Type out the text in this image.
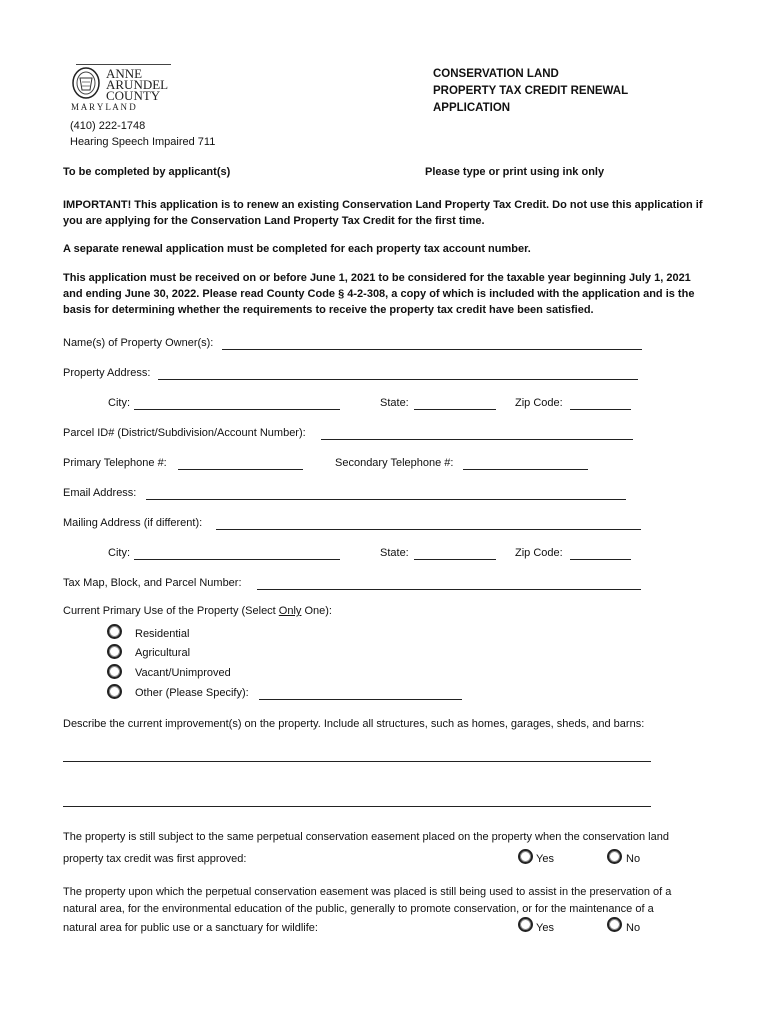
ANNE
ARUNDEL
COUNTY
M A R Y L A N D
(410) 222-1748
Hearing Speech Impaired 711
CONSERVATION LAND
PROPERTY TAX CREDIT RENEWAL
APPLICATION
To be completed by applicant(s)	Please type or print using ink only
IMPORTANT! This application is to renew an existing Conservation Land Property Tax Credit. Do not use this application if you are applying for the Conservation Land Property Tax Credit for the first time.
A separate renewal application must be completed for each property tax account number.
This application must be received on or before June 1, 2021 to be considered for the taxable year beginning July 1, 2021 and ending June 30, 2022. Please read County Code § 4-2-308, a copy of which is included with the application and is the basis for determining whether the requirements to receive the property tax credit have been satisfied.
Name(s) of Property Owner(s):
Property Address:
City:	State:	Zip Code:
Parcel ID# (District/Subdivision/Account Number):
Primary Telephone #:	Secondary Telephone #:
Email Address:
Mailing Address (if different):
City:	State:	Zip Code:
Tax Map, Block, and Parcel Number:
Current Primary Use of the Property (Select Only One):
Residential
Agricultural
Vacant/Unimproved
Other (Please Specify):
Describe the current improvement(s) on the property. Include all structures, such as homes, garages, sheds, and barns:
The property is still subject to the same perpetual conservation easement placed on the property when the conservation land
property tax credit was first approved:	Yes	No
The property upon which the perpetual conservation easement was placed is still being used to assist in the preservation of a
natural area, for the environmental education of the public, generally to promote conservation, or for the maintenance of a
natural area for public use or a sanctuary for wildlife:	Yes	No
